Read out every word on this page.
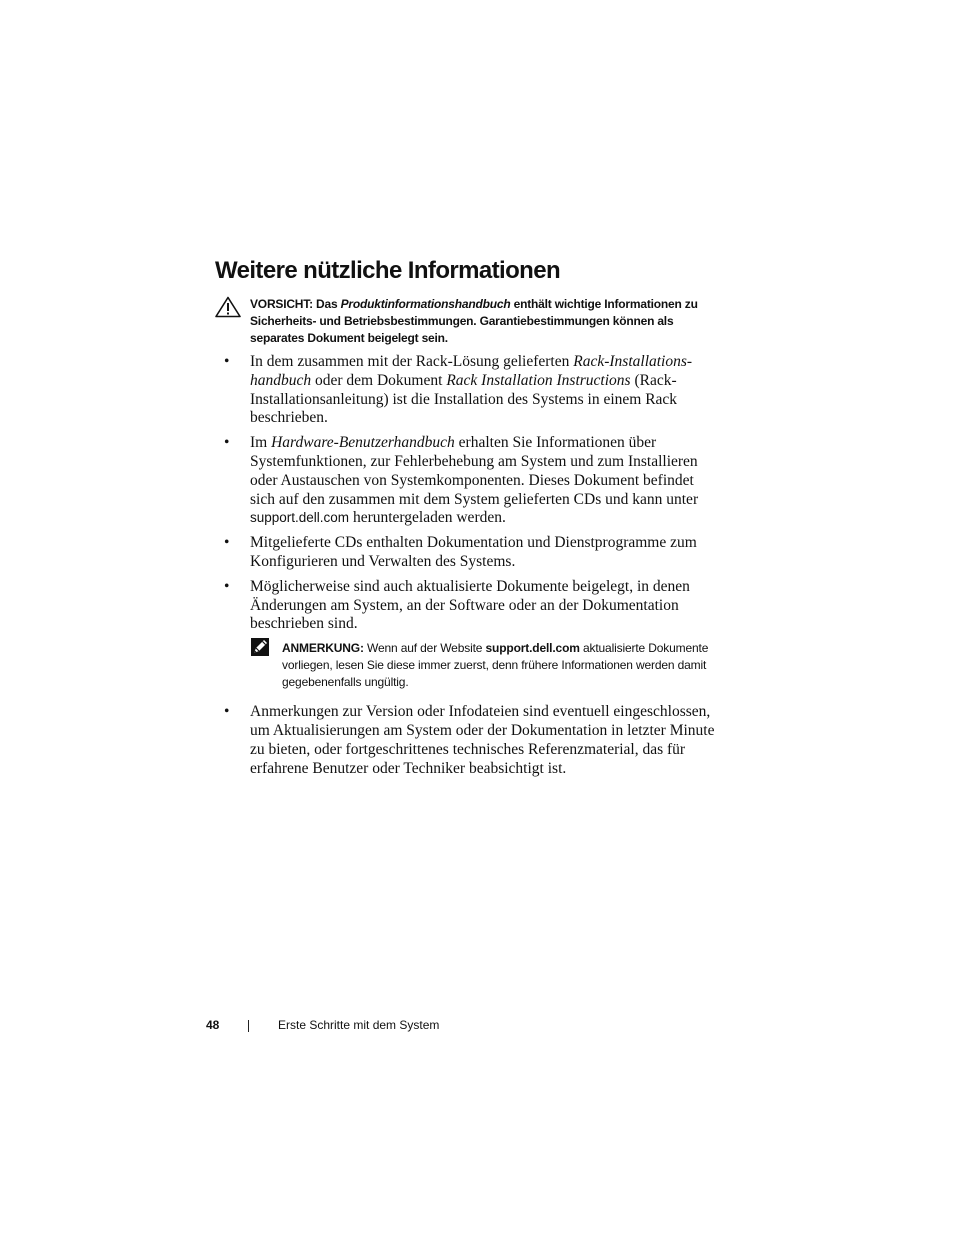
Weitere nützliche Informationen
VORSICHT: Das Produktinformationshandbuch enthält wichtige Informationen zu Sicherheits- und Betriebsbestimmungen. Garantiebestimmungen können als separates Dokument beigelegt sein.
• In dem zusammen mit der Rack-Lösung gelieferten Rack-Installations-handbuch oder dem Dokument Rack Installation Instructions (Rack-Installationsanleitung) ist die Installation des Systems in einem Rack beschrieben.
• Im Hardware-Benutzerhandbuch erhalten Sie Informationen über Systemfunktionen, zur Fehlerbehebung am System und zum Installieren oder Austauschen von Systemkomponenten. Dieses Dokument befindet sich auf den zusammen mit dem System gelieferten CDs und kann unter support.dell.com heruntergeladen werden.
• Mitgelieferte CDs enthalten Dokumentation und Dienstprogramme zum Konfigurieren und Verwalten des Systems.
• Möglicherweise sind auch aktualisierte Dokumente beigelegt, in denen Änderungen am System, an der Software oder an der Dokumentation beschrieben sind.
ANMERKUNG: Wenn auf der Website support.dell.com aktualisierte Dokumente vorliegen, lesen Sie diese immer zuerst, denn frühere Informationen werden damit gegebenenfalls ungültig.
• Anmerkungen zur Version oder Infodateien sind eventuell eingeschlossen, um Aktualisierungen am System oder der Dokumentation in letzter Minute zu bieten, oder fortgeschrittenes technisches Referenzmaterial, das für erfahrene Benutzer oder Techniker beabsichtigt ist.
48	Erste Schritte mit dem System
